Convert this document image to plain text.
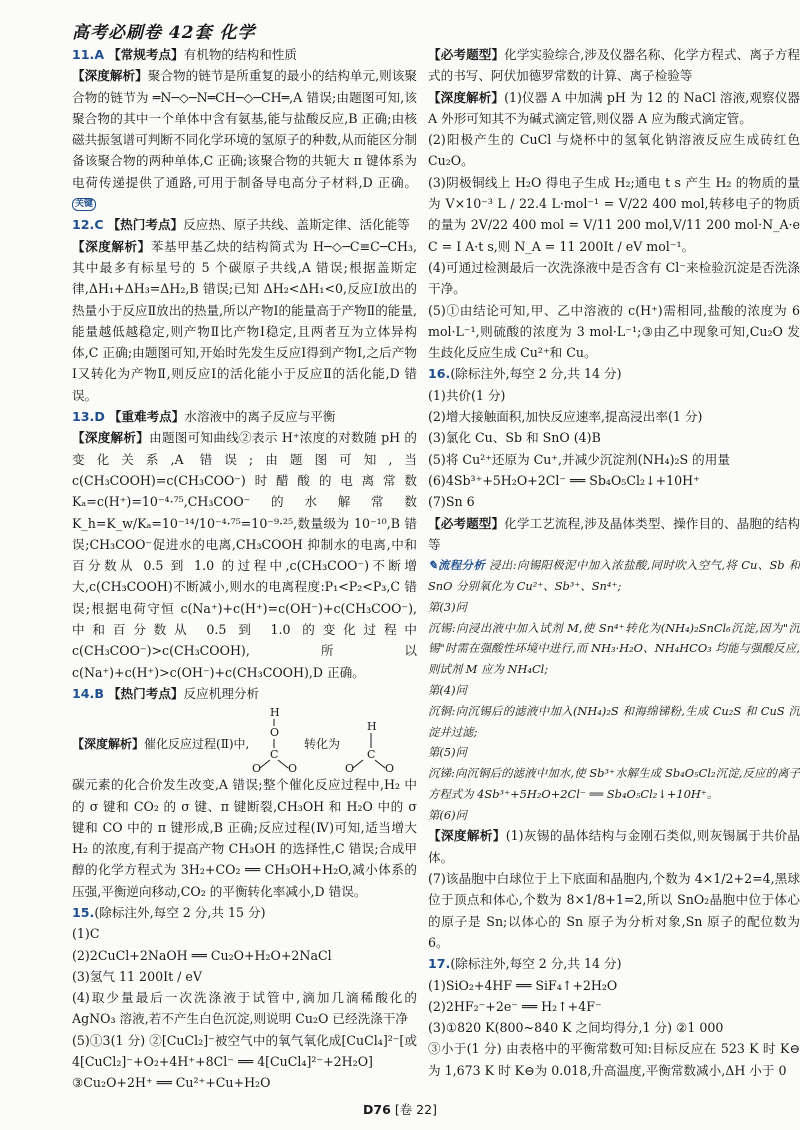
高考必刷卷 42套 化学

11.A 【常规考点】有机物的结构和性质

【深度解析】聚合物的链节是所重复的最小的结构单元,则该聚合物的链节为 ═N─◇─N═CH─◇─CH═,A 错误;由题图可知,该聚合物的其中一个单体中含有氨基,能与盐酸反应,B 正确;由核磁共振氢谱可判断不同化学环境的氢原子的种数,从而能区分制备该聚合物的两种单体,C 正确;该聚合物的共轭大 π 键体系为电荷传递提供了通路,可用于制备导电高分子材料,D 正确。 关键

12.C 【热门考点】反应热、原子共线、盖斯定律、活化能等

【深度解析】苯基甲基乙炔的结构简式为 H─◇─C≡C─CH₃,其中最多有标星号的 5 个碳原子共线,A 错误;根据盖斯定律,ΔH₁+ΔH₃=ΔH₂,B 错误;已知 ΔH₂<ΔH₁<0,反应Ⅰ放出的热量小于反应Ⅱ放出的热量,所以产物Ⅰ的能量高于产物Ⅱ的能量,能量越低越稳定,则产物Ⅱ比产物Ⅰ稳定,且两者互为立体异构体,C 正确;由题图可知,开始时先发生反应Ⅰ得到产物Ⅰ,之后产物Ⅰ又转化为产物Ⅱ,则反应Ⅰ的活化能小于反应Ⅱ的活化能,D 错误。

13.D 【重难考点】水溶液中的离子反应与平衡

【深度解析】由题图可知曲线②表示 H⁺浓度的对数随 pH 的变化关系,A 错误;由题图可知,当 c(CH₃COOH)=c(CH₃COO⁻)时醋酸的电离常数 Kₐ=c(H⁺)=10⁻⁴·⁷⁵,CH₃COO⁻的水解常数 K_h=K_w/Kₐ=10⁻¹⁴/10⁻⁴·⁷⁵=10⁻⁹·²⁵,数量级为 10⁻¹⁰,B 错误;CH₃COO⁻促进水的电离,CH₃COOH 抑制水的电离,中和百分数从 0.5 到 1.0 的过程中,c(CH₃COO⁻)不断增大,c(CH₃COOH)不断减小,则水的电离程度:P₁<P₂<P₃,C 错误;根据电荷守恒 c(Na⁺)+c(H⁺)=c(OH⁻)+c(CH₃COO⁻),中和百分数从 0.5 到 1.0 的变化过程中 c(CH₃COO⁻)>c(CH₃COOH),所以 c(Na⁺)+c(H⁺)>c(OH⁻)+c(CH₃COOH),D 正确。

14.B 【热门考点】反应机理分析

【深度解析】催化反应过程(Ⅱ)中,
H
O
C
O O
H
C
O	O
转化为

碳元素的化合价发生改变,A 错误;整个催化反应过程中,H₂ 中的 σ 键和 CO₂ 的 σ 键、π 键断裂,CH₃OH 和 H₂O 中的 σ 键和 CO 中的 π 键形成,B 正确;反应过程(Ⅳ)可知,适当增大 H₂ 的浓度,有利于提高产物 CH₃OH 的选择性,C 错误;合成甲醇的化学方程式为 3H₂+CO₂ ══ CH₃OH+H₂O,减小体系的压强,平衡逆向移动,CO₂ 的平衡转化率减小,D 错误。

15.(除标注外,每空 2 分,共 15 分)

(1)C

(2)2CuCl+2NaOH ══ Cu₂O+H₂O+2NaCl

(3)氢气 11 200It / eV

(4)取少量最后一次洗涤液于试管中,滴加几滴稀酸化的 AgNO₃ 溶液,若不产生白色沉淀,则说明 Cu₂O 已经洗涤干净

(5)①3(1 分) ②[CuCl₂]⁻被空气中的氧气氧化成[CuCl₄]²⁻[或4[CuCl₂]⁻+O₂+4H⁺+8Cl⁻ ══ 4[CuCl₄]²⁻+2H₂O]

③Cu₂O+2H⁺ ══ Cu²⁺+Cu+H₂O

【必考题型】化学实验综合,涉及仪器名称、化学方程式、离子方程式的书写、阿伏加德罗常数的计算、离子检验等

【深度解析】(1)仪器 A 中加满 pH 为 12 的 NaCl 溶液,观察仪器 A 外形可知其不为碱式滴定管,则仪器 A 应为酸式滴定管。

(2)阳极产生的 CuCl 与烧杯中的氢氧化钠溶液反应生成砖红色 Cu₂O。

(3)阴极铜线上 H₂O 得电子生成 H₂;通电 t s 产生 H₂ 的物质的量为 V×10⁻³ L / 22.4 L·mol⁻¹ = V/22 400 mol,转移电子的物质的量为 2V/22 400 mol = V/11 200 mol,V/11 200 mol·N_A·e C = I A·t s,则 N_A = 11 200It / eV mol⁻¹。

(4)可通过检测最后一次洗涤液中是否含有 Cl⁻来检验沉淀是否洗涤干净。

(5)①由结论可知,甲、乙中溶液的 c(H⁺)需相同,盐酸的浓度为 6 mol·L⁻¹,则硫酸的浓度为 3 mol·L⁻¹;③由乙中现象可知,Cu₂O 发生歧化反应生成 Cu²⁺和 Cu。

16.(除标注外,每空 2 分,共 14 分)

(1)共价(1 分)

(2)增大接触面积,加快反应速率,提高浸出率(1 分)

(3)氯化 Cu、Sb 和 SnO (4)B

(5)将 Cu²⁺还原为 Cu⁺,并减少沉淀剂(NH₄)₂S 的用量

(6)4Sb³⁺+5H₂O+2Cl⁻ ══ Sb₄O₅Cl₂↓+10H⁺

(7)Sn 6

【必考题型】化学工艺流程,涉及晶体类型、操作目的、晶胞的结构等

✎流程分析 浸出:向锡阳极泥中加入浓盐酸,同时吹入空气,将 Cu、Sb 和 SnO 分别氧化为 Cu²⁺、Sb³⁺、Sn⁴⁺;

第(3)问

沉锡:向浸出液中加入试剂 M,使 Sn⁴⁺转化为(NH₄)₂SnCl₆沉淀,因为"沉锡"时需在强酸性环境中进行,而 NH₃·H₂O、NH₄HCO₃ 均能与强酸反应,则试剂 M 应为 NH₄Cl;

第(4)问

沉铜:向沉锡后的滤液中加入(NH₄)₂S 和海绵锑粉,生成 Cu₂S 和 CuS 沉淀并过滤;

第(5)问

沉锑:向沉铜后的滤液中加水,使 Sb³⁺水解生成 Sb₄O₅Cl₂沉淀,反应的离子方程式为 4Sb³⁺+5H₂O+2Cl⁻ ══ Sb₄O₅Cl₂↓+10H⁺。

第(6)问

【深度解析】(1)灰锡的晶体结构与金刚石类似,则灰锡属于共价晶体。

(7)该晶胞中白球位于上下底面和晶胞内,个数为 4×1/2+2=4,黑球位于顶点和体心,个数为 8×1/8+1=2,所以 SnO₂晶胞中位于体心的原子是 Sn;以体心的 Sn 原子为分析对象,Sn 原子的配位数为 6。

17.(除标注外,每空 2 分,共 14 分)

(1)SiO₂+4HF ══ SiF₄↑+2H₂O

(2)2HF₂⁻+2e⁻ ══ H₂↑+4F⁻

(3)①820 K(800~840 K 之间均得分,1 分) ②1 000

③小于(1 分) 由表格中的平衡常数可知:目标反应在 523 K 时 K⊖为 1,673 K 时 K⊖为 0.018,升高温度,平衡常数减小,ΔH 小于 0

D76 [卷 22]
